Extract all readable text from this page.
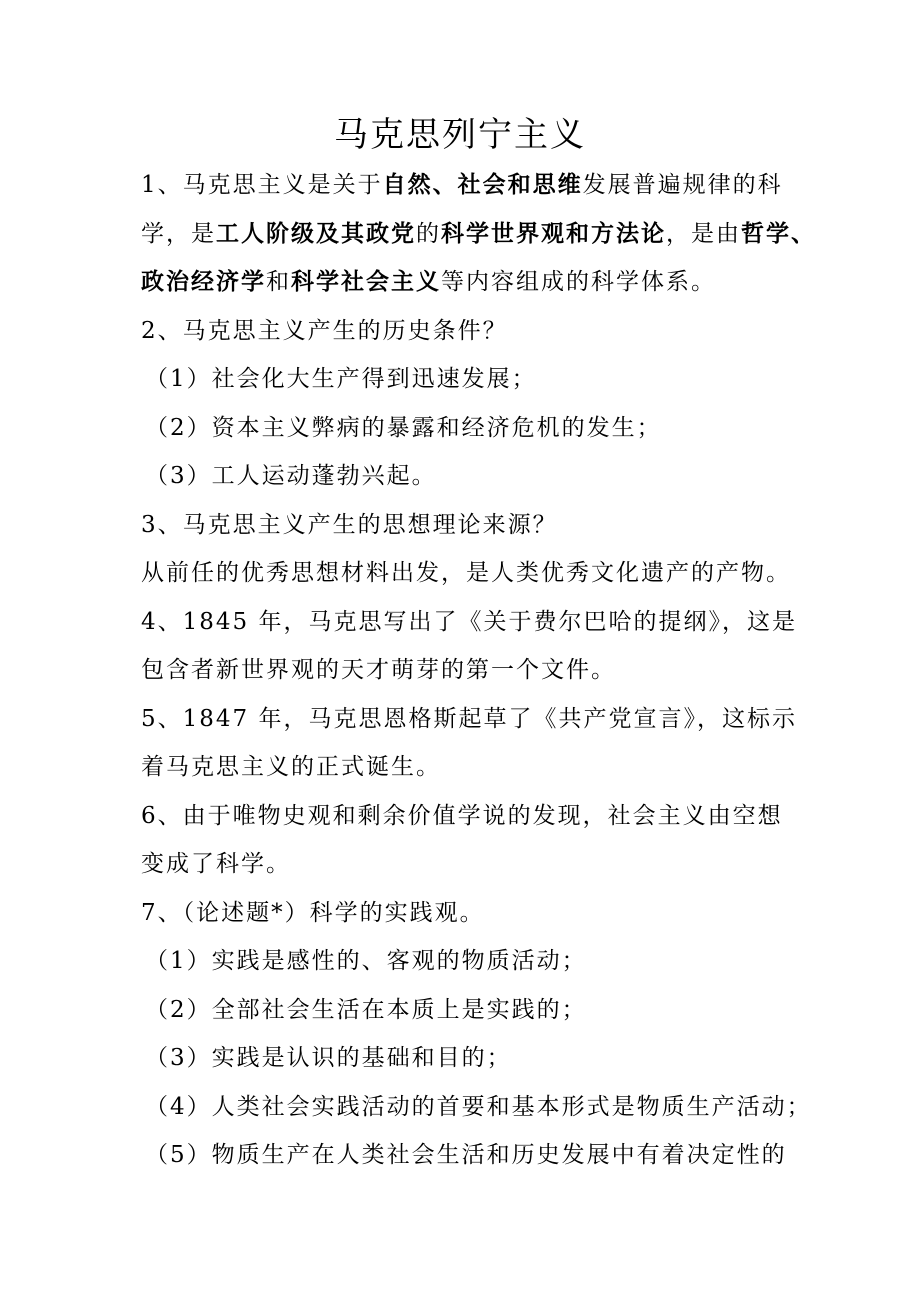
马克思列宁主义
1、马克思主义是关于自然、社会和思维发展普遍规律的科
学，是工人阶级及其政党的科学世界观和方法论，是由哲学、
政治经济学和科学社会主义等内容组成的科学体系。
2、马克思主义产生的历史条件？
（1）社会化大生产得到迅速发展；
（2）资本主义弊病的暴露和经济危机的发生；
（3）工人运动蓬勃兴起。
3、马克思主义产生的思想理论来源？
从前任的优秀思想材料出发，是人类优秀文化遗产的产物。
4、1845 年，马克思写出了《关于费尔巴哈的提纲》，这是
包含者新世界观的天才萌芽的第一个文件。
5、1847 年，马克思恩格斯起草了《共产党宣言》，这标示
着马克思主义的正式诞生。
6、由于唯物史观和剩余价值学说的发现，社会主义由空想
变成了科学。
7、（论述题*）科学的实践观。
（1）实践是感性的、客观的物质活动；
（2）全部社会生活在本质上是实践的；
（3）实践是认识的基础和目的；
（4）人类社会实践活动的首要和基本形式是物质生产活动；
（5）物质生产在人类社会生活和历史发展中有着决定性的
